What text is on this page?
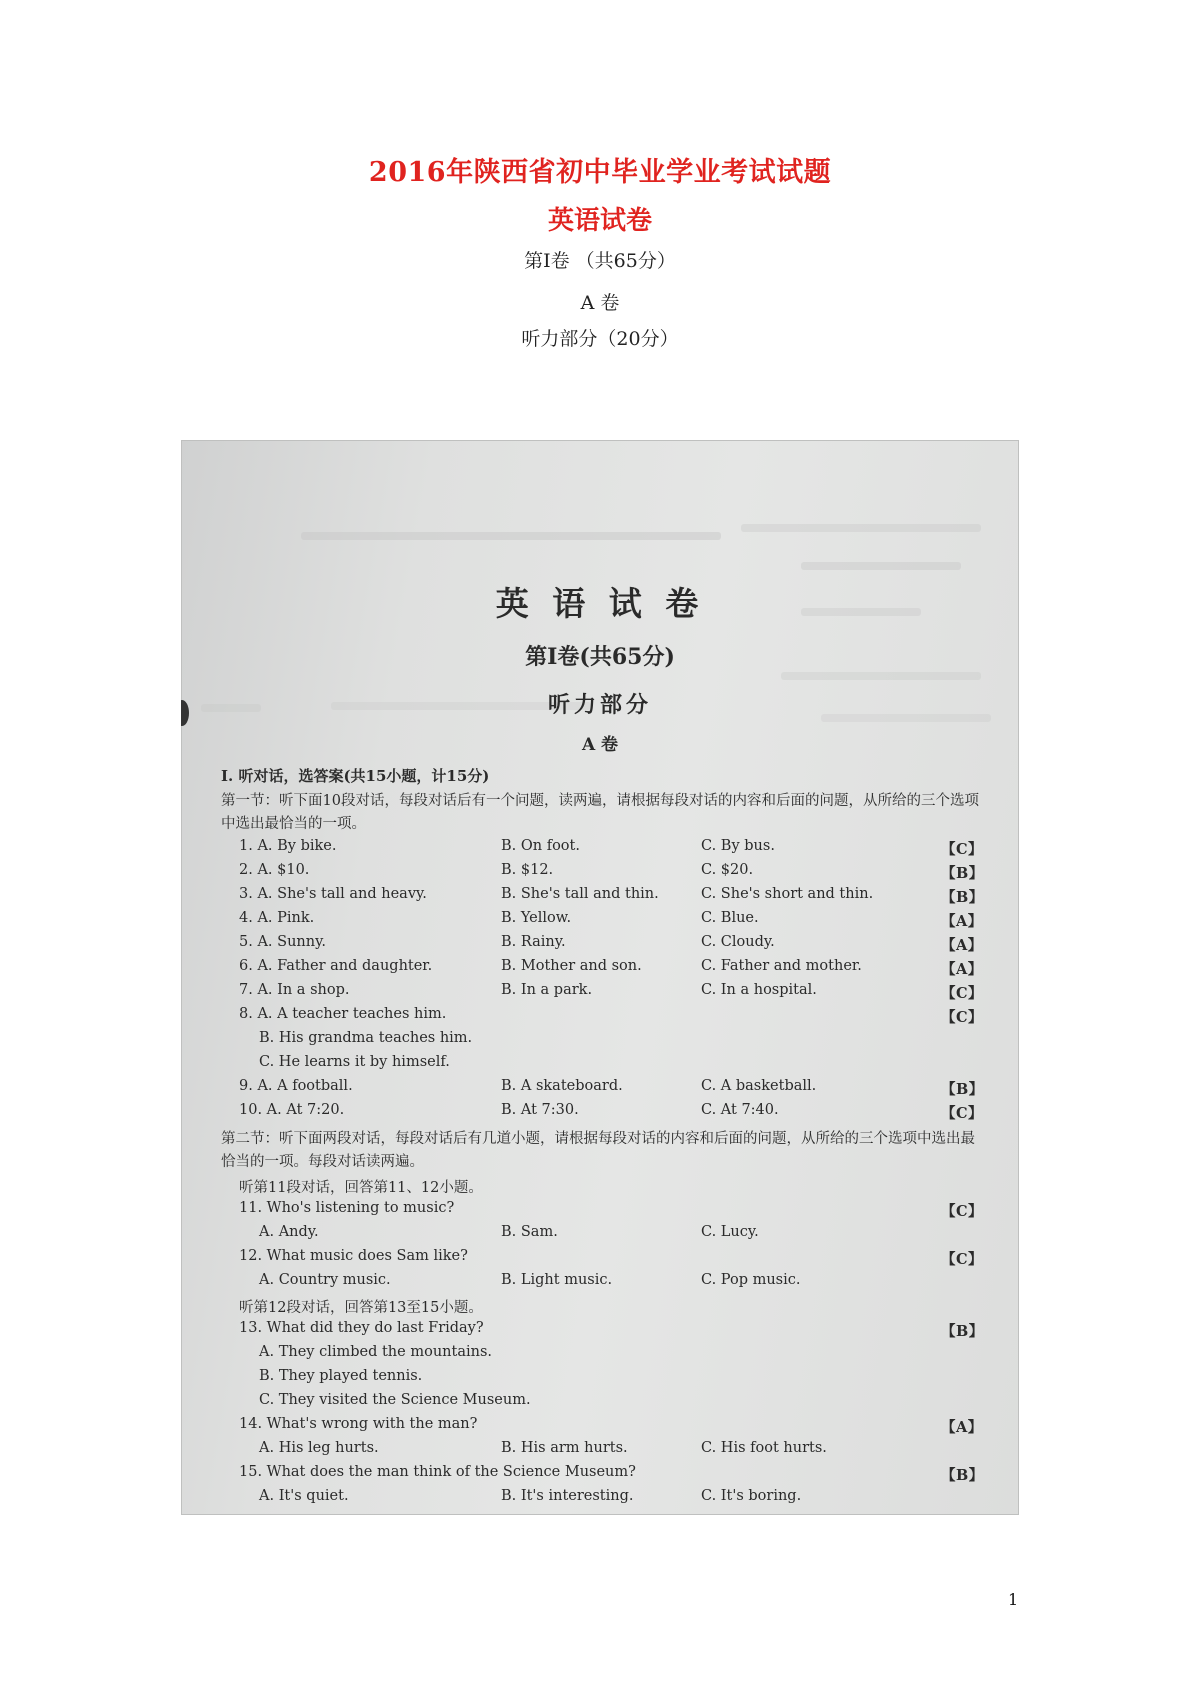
2016年陕西省初中毕业学业考试试题
英语试卷
第Ⅰ卷 （共65分）
A 卷
听力部分（20分）
英 语 试 卷
第Ⅰ卷(共65分)
听力部分
A 卷
Ⅰ. 听对话，选答案(共15小题，计15分)
第一节：听下面10段对话，每段对话后有一个问题，读两遍，请根据每段对话的内容和后面的问题，从所给的三个选项中选出最恰当的一项。
1. A. By bike.	B. On foot.	C. By bus.	【C】
2. A. $10.	B. $12.	C. $20.	【B】
3. A. She's tall and heavy.	B. She's tall and thin.	C. She's short and thin.	【B】
4. A. Pink.	B. Yellow.	C. Blue.	【A】
5. A. Sunny.	B. Rainy.	C. Cloudy.	【A】
6. A. Father and daughter.	B. Mother and son.	C. Father and mother.	【A】
7. A. In a shop.	B. In a park.	C. In a hospital.	【C】
8. A. A teacher teaches him.	【C】
B. His grandma teaches him.
C. He learns it by himself.
9. A. A football.	B. A skateboard.	C. A basketball.	【B】
10. A. At 7:20.	B. At 7:30.	C. At 7:40.	【C】
第二节：听下面两段对话，每段对话后有几道小题，请根据每段对话的内容和后面的问题，从所给的三个选项中选出最恰当的一项。每段对话读两遍。
听第11段对话，回答第11、12小题。
11. Who's listening to music?	【C】
A. Andy.	B. Sam.	C. Lucy.
12. What music does Sam like?	【C】
A. Country music.	B. Light music.	C. Pop music.
听第12段对话，回答第13至15小题。
13. What did they do last Friday?	【B】
A. They climbed the mountains.
B. They played tennis.
C. They visited the Science Museum.
14. What's wrong with the man?	【A】
A. His leg hurts.	B. His arm hurts.	C. His foot hurts.
15. What does the man think of the Science Museum?	【B】
A. It's quiet.	B. It's interesting.	C. It's boring.
1
